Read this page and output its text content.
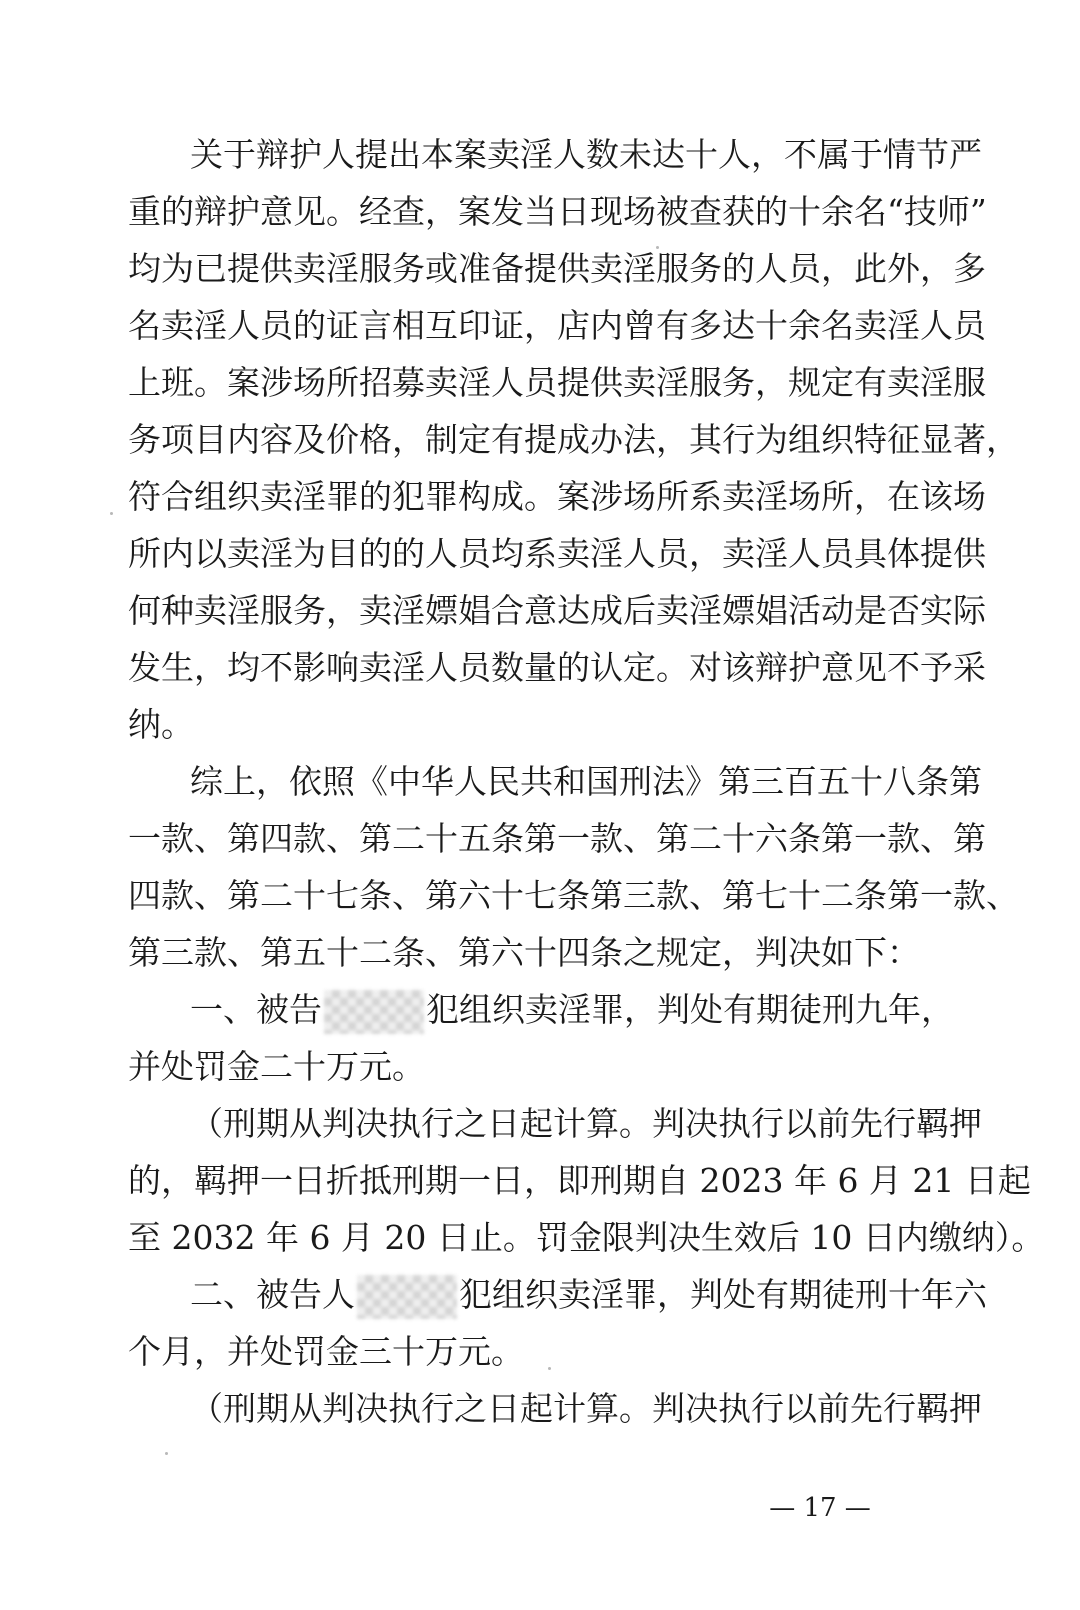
关于辩护人提出本案卖淫人数未达十人，不属于情节严
重的辩护意见。经查，案发当日现场被查获的十余名“技师”
均为已提供卖淫服务或准备提供卖淫服务的人员，此外，多
名卖淫人员的证言相互印证，店内曾有多达十余名卖淫人员
上班。案涉场所招募卖淫人员提供卖淫服务，规定有卖淫服
务项目内容及价格，制定有提成办法，其行为组织特征显著，
符合组织卖淫罪的犯罪构成。案涉场所系卖淫场所，在该场
所内以卖淫为目的的人员均系卖淫人员，卖淫人员具体提供
何种卖淫服务，卖淫嫖娼合意达成后卖淫嫖娼活动是否实际
发生，均不影响卖淫人员数量的认定。对该辩护意见不予采
纳。
综上，依照《中华人民共和国刑法》第三百五十八条第
一款、第四款、第二十五条第一款、第二十六条第一款、第
四款、第二十七条、第六十七条第三款、第七十二条第一款、
第三款、第五十二条、第六十四条之规定，判决如下：
一、被告	犯组织卖淫罪，判处有期徒刑九年，
并处罚金二十万元。
（刑期从判决执行之日起计算。判决执行以前先行羁押
的，羁押一日折抵刑期一日，即刑期自 2023 年 6 月 21 日起
至 2032 年 6 月 20 日止。罚金限判决生效后 10 日内缴纳）。
二、被告人	犯组织卖淫罪，判处有期徒刑十年六
个月，并处罚金三十万元。
（刑期从判决执行之日起计算。判决执行以前先行羁押
— 17 —
